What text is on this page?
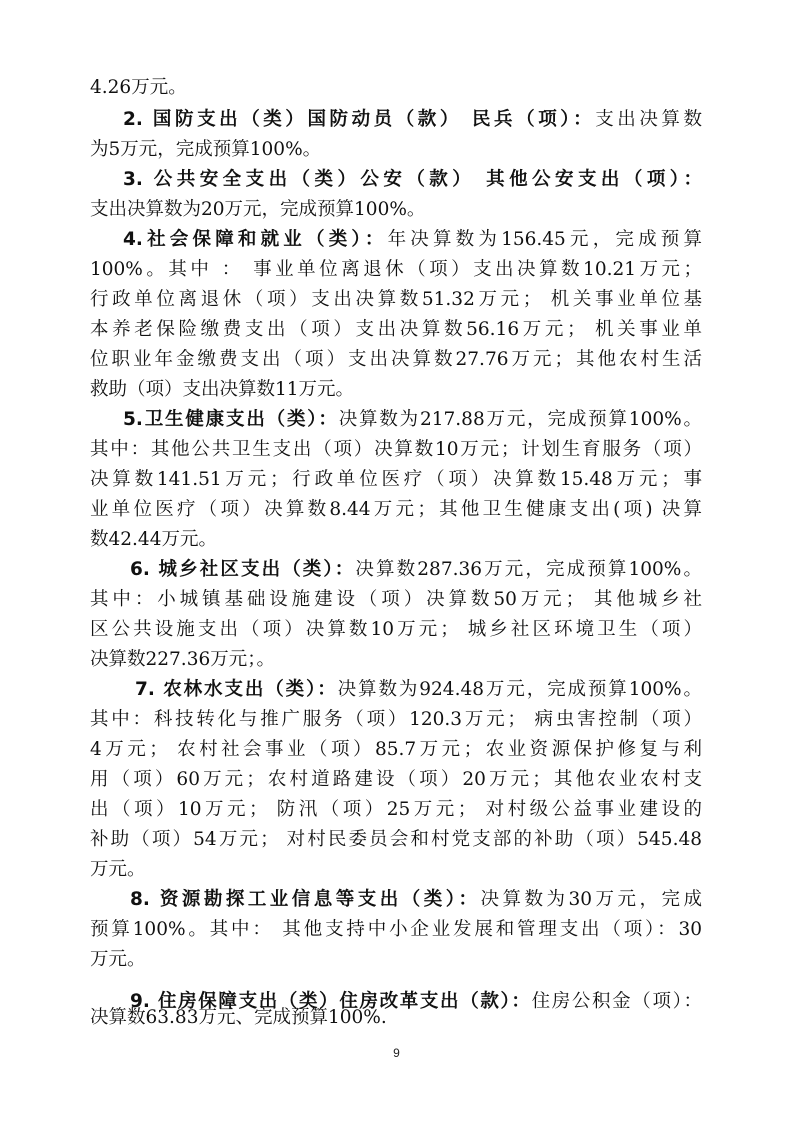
4.26万元。
2. 国防支出（类）国防动员（款） 民兵（项）：支出决算数
为5万元，完成预算100%。
3. 公共安全支出（类）公安（款） 其他公安支出（项）：
支出决算数为20万元，完成预算100%。
4.社会保障和就业（类）：年决算数为156.45元，完成预算
100%。其中 ： 事业单位离退休（项）支出决算数10.21万元；
行政单位离退休（项）支出决算数51.32万元； 机关事业单位基
本养老保险缴费支出（项）支出决算数56.16万元； 机关事业单
位职业年金缴费支出（项）支出决算数27.76万元；其他农村生活
救助（项）支出决算数11万元。
5.卫生健康支出（类）：决算数为217.88万元，完成预算100%。
其中：其他公共卫生支出（项）决算数10万元；计划生育服务（项）
决算数141.51万元；行政单位医疗（项）决算数15.48万元；事
业单位医疗（项）决算数8.44万元；其他卫生健康支出(项) 决算
数42.44万元。
6. 城乡社区支出（类）：决算数287.36万元，完成预算100%。
其中：小城镇基础设施建设（项）决算数50万元； 其他城乡社
区公共设施支出（项）决算数10万元； 城乡社区环境卫生（项）
决算数227.36万元；。
7. 农林水支出（类）：决算数为924.48万元，完成预算100%。
其中：科技转化与推广服务（项）120.3万元； 病虫害控制（项）
4万元； 农村社会事业（项）85.7万元；农业资源保护修复与利
用（项）60万元；农村道路建设（项）20万元；其他农业农村支
出（项）10万元； 防汛（项）25万元； 对村级公益事业建设的
补助（项）54万元； 对村民委员会和村党支部的补助（项）545.48
万元。
8. 资源勘探工业信息等支出（类）：决算数为30万元，完成
预算100%。其中： 其他支持中小企业发展和管理支出（项）：30
万元。
9. 住房保障支出（类）住房改革支出（款）：住房公积金（项）：
决算数63.83万元、完成预算100%.
9
